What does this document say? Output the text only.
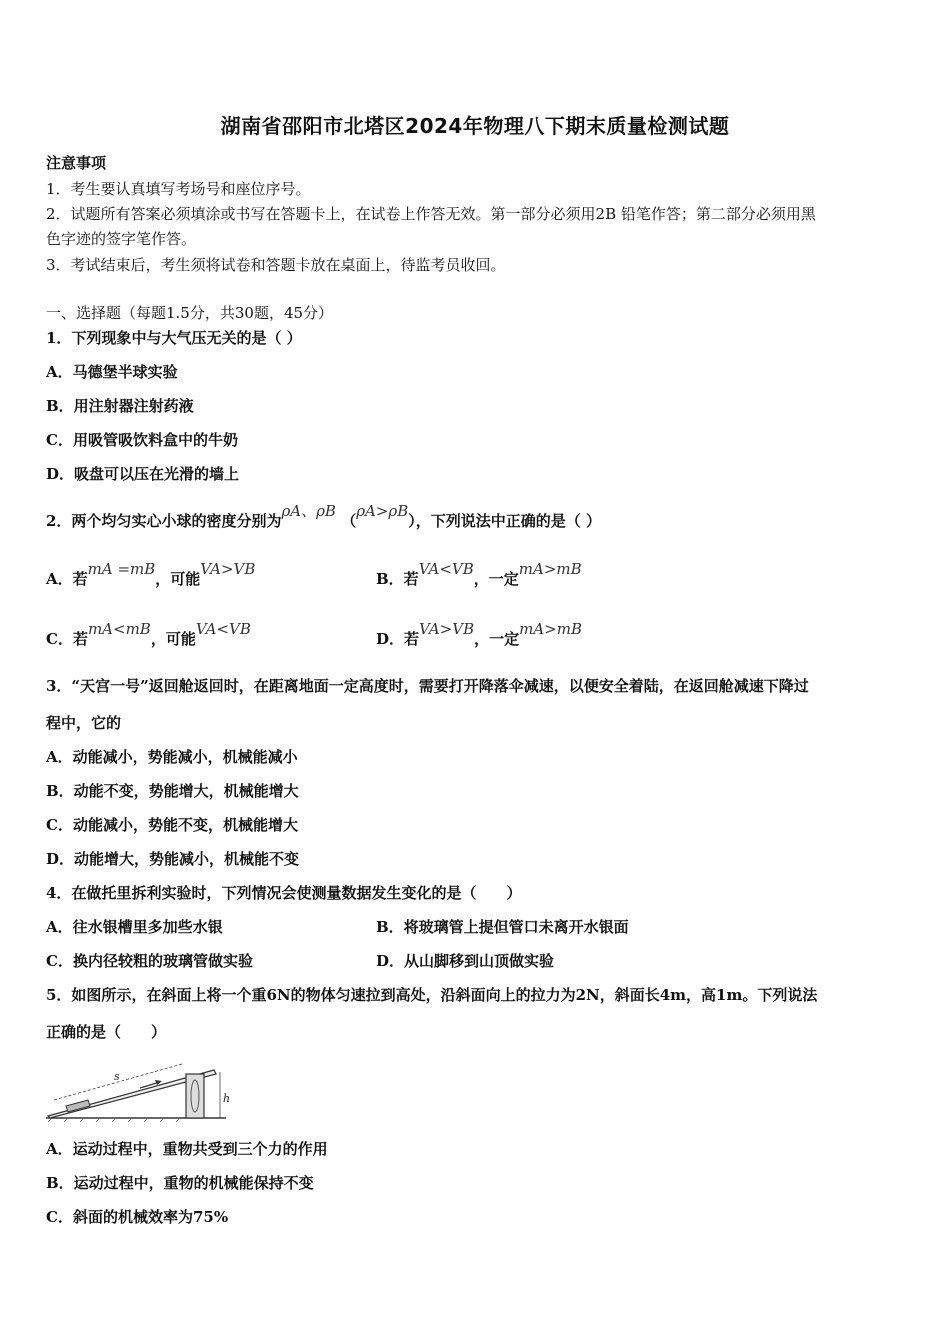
湖南省邵阳市北塔区2024年物理八下期末质量检测试题
注意事项
1．考生要认真填写考场号和座位序号。
2．试题所有答案必须填涂或书写在答题卡上，在试卷上作答无效。第一部分必须用2B 铅笔作答；第二部分必须用黑
色字迹的签字笔作答。
3．考试结束后，考生须将试卷和答题卡放在桌面上，待监考员收回。
一、选择题（每题1.5分，共30题，45分）
1．下列现象中与大气压无关的是（ ）
A．马德堡半球实验
B．用注射器注射药液
C．用吸管吸饮料盒中的牛奶
D．吸盘可以压在光滑的墙上
2．两个均匀实心小球的密度分别为ρA、ρB （ρA>ρB），下列说法中正确的是（ ）
A．若mA =mB，可能VA>VB
B．若VA<VB，一定mA>mB
C．若mA<mB，可能VA<VB
D．若VA>VB，一定mA>mB
3．“天宫一号”返回舱返回时，在距离地面一定高度时，需要打开降落伞减速，以便安全着陆，在返回舱减速下降过
程中，它的
A．动能减小，势能减小，机械能减小
B．动能不变，势能增大，机械能增大
C．动能减小，势能不变，机械能增大
D．动能增大，势能减小，机械能不变
4．在做托里拆利实验时，下列情况会使测量数据发生变化的是（　　）
A．往水银槽里多加些水银	B．将玻璃管上提但管口未离开水银面
C．换内径较粗的玻璃管做实验	D．从山脚移到山顶做实验
5．如图所示，在斜面上将一个重6N的物体匀速拉到高处，沿斜面向上的拉力为2N，斜面长4m，高1m。下列说法
正确的是（　　）
s
h
A．运动过程中，重物共受到三个力的作用
B．运动过程中，重物的机械能保持不变
C．斜面的机械效率为75%
